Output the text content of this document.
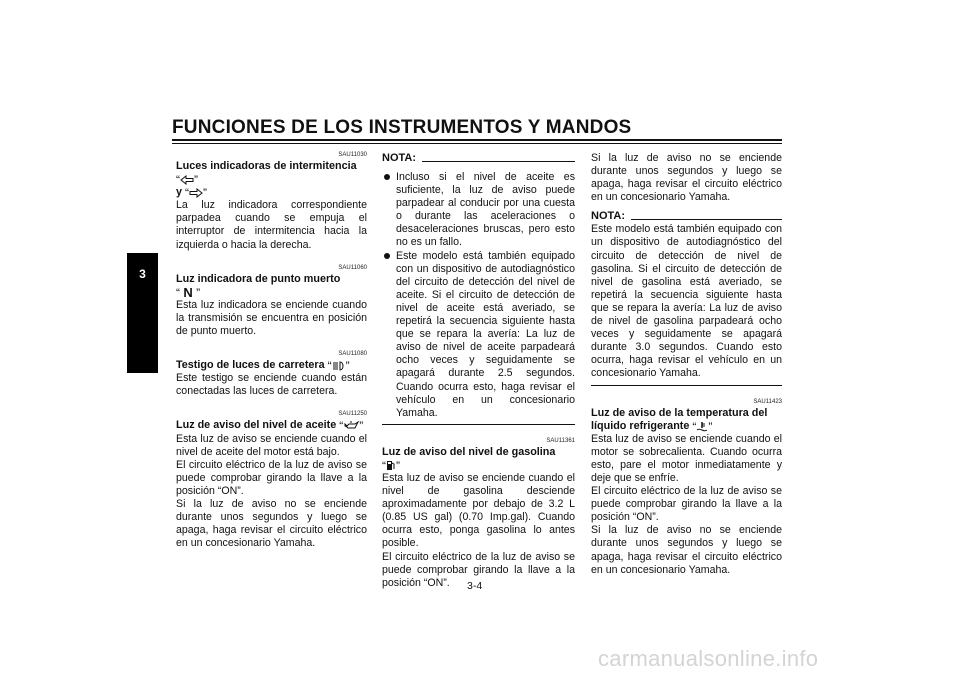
FUNCIONES DE LOS INSTRUMENTOS Y MANDOS
3
SAU11030
Luces indicadoras de intermitencia “ ”
y “ ”

La luz indicadora correspondiente parpadea cuando se empuja el interruptor de intermitencia hacia la izquierda o hacia la derecha.

SAU11060
Luz indicadora de punto muerto “ N ”

Esta luz indicadora se enciende cuando la transmisión se encuentra en posición de punto muerto.

SAU11080
Testigo de luces de carretera “ ”

Este testigo se enciende cuando están conectadas las luces de carretera.

SAU11250
Luz de aviso del nivel de aceite “ ”

Esta luz de aviso se enciende cuando el nivel de aceite del motor está bajo.

El circuito eléctrico de la luz de aviso se puede comprobar girando la llave a la posición “ON”.

Si la luz de aviso no se enciende durante unos segundos y luego se apaga, haga revisar el circuito eléctrico en un concesionario Yamaha.

NOTA:
Incluso si el nivel de aceite es suficiente, la luz de aviso puede parpadear al conducir por una cuesta o durante las aceleraciones o desaceleraciones bruscas, pero esto no es un fallo.
Este modelo está también equipado con un dispositivo de autodiagnóstico del circuito de detección del nivel de aceite. Si el circuito de detección de nivel de aceite está averiado, se repetirá la secuencia siguiente hasta que se repara la avería: La luz de aviso de nivel de aceite parpadeará ocho veces y seguidamente se apagará durante 2.5 segundos. Cuando ocurra esto, haga revisar el vehículo en un concesionario Yamaha.
SAU11361
Luz de aviso del nivel de gasolina “ ”

Esta luz de aviso se enciende cuando el nivel de gasolina desciende aproximadamente por debajo de 3.2 L (0.85 US gal) (0.70 Imp.gal). Cuando ocurra esto, ponga gasolina lo antes posible.

El circuito eléctrico de la luz de aviso se puede comprobar girando la llave a la posición “ON”.

Si la luz de aviso no se enciende durante unos segundos y luego se apaga, haga revisar el circuito eléctrico en un concesionario Yamaha.

NOTA:

Este modelo está también equipado con un dispositivo de autodiagnóstico del circuito de detección de nivel de gasolina. Si el circuito de detección de nivel de gasolina está averiado, se repetirá la secuencia siguiente hasta que se repara la avería: La luz de aviso de nivel de gasolina parpadeará ocho veces y seguidamente se apagará durante 3.0 segundos. Cuando esto ocurra, haga revisar el vehículo en un concesionario Yamaha.

SAU11423
Luz de aviso de la temperatura del líquido refrigerante “ ”

Esta luz de aviso se enciende cuando el motor se sobrecalienta. Cuando ocurra esto, pare el motor inmediatamente y deje que se enfríe.

El circuito eléctrico de la luz de aviso se puede comprobar girando la llave a la posición “ON”.

Si la luz de aviso no se enciende durante unos segundos y luego se apaga, haga revisar el circuito eléctrico en un concesionario Yamaha.

3-4
carmanualsonline.info
